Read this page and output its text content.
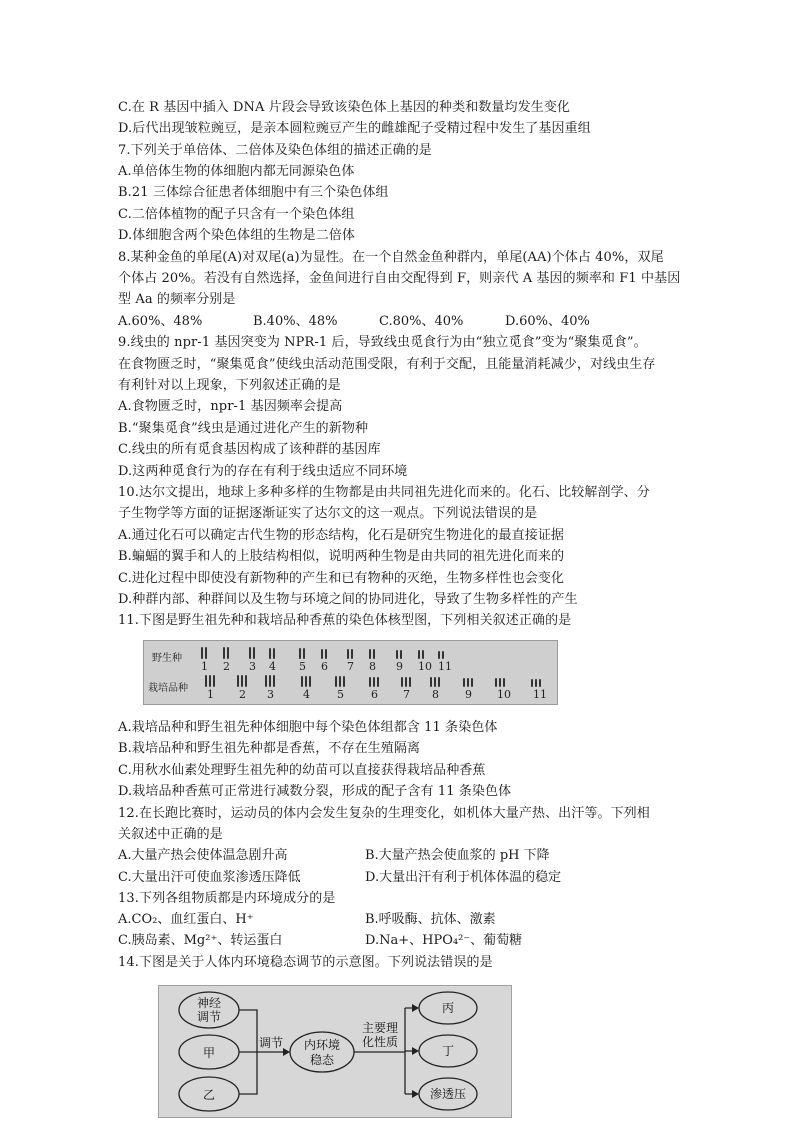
C.在 R 基因中插入 DNA 片段会导致该染色体上基因的种类和数量均发生变化
D.后代出现皱粒豌豆，是亲本圆粒豌豆产生的雌雄配子受精过程中发生了基因重组
7.下列关于单倍体、二倍体及染色体组的描述正确的是
A.单倍体生物的体细胞内都无同源染色体
B.21 三体综合征患者体细胞中有三个染色体组
C.二倍体植物的配子只含有一个染色体组
D.体细胞含两个染色体组的生物是二倍体
8.某种金鱼的单尾(A)对双尾(a)为显性。在一个自然金鱼种群内，单尾(AA)个体占 40%，双尾
个体占 20%。若没有自然选择，金鱼间进行自由交配得到 F，则亲代 A 基因的频率和 F1 中基因
型 Aa 的频率分别是
A.60%、48%	B.40%、48%	C.80%、40%	D.60%、40%
9.线虫的 npr-1 基因突变为 NPR-1 后，导致线虫觅食行为由“独立觅食”变为“聚集觅食”。
在食物匮乏时，“聚集觅食”使线虫活动范围受限，有利于交配，且能量消耗减少，对线虫生存
有利针对以上现象，下列叙述正确的是
A.食物匮乏时，npr-1 基因频率会提高
B.“聚集觅食”线虫是通过进化产生的新物种
C.线虫的所有觅食基因构成了该种群的基因库
D.这两种觅食行为的存在有利于线虫适应不同环境
10.达尔文提出，地球上多种多样的生物都是由共同祖先进化而来的。化石、比较解剖学、分
子生物学等方面的证据逐渐证实了达尔文的这一观点。下列说法错误的是
A.通过化石可以确定古代生物的形态结构，化石是研究生物进化的最直接证据
B.蝙蝠的翼手和人的上肢结构相似，说明两种生物是由共同的祖先进化而来的
C.进化过程中即使没有新物种的产生和已有物种的灭绝，生物多样性也会变化
D.种群内部、种群间以及生物与环境之间的协同进化，导致了生物多样性的产生
11.下图是野生祖先种和栽培品种香蕉的染色体核型图，下列相关叙述正确的是
野生种
栽培品种
1 2 3 4 5 6 7 8 9 10 11
1 2 3	4 5 6 7 8 9 10 11
A.栽培品种和野生祖先种体细胞中每个染色体组都含 11 条染色体
B.栽培品种和野生祖先种都是香蕉，不存在生殖隔离
C.用秋水仙素处理野生祖先种的幼苗可以直接获得栽培品种香蕉
D.栽培品种香蕉可正常进行减数分裂，形成的配子含有 11 条染色体
12.在长跑比赛时，运动员的体内会发生复杂的生理变化，如机体大量产热、出汗等。下列相
关叙述中正确的是
A.大量产热会使体温急剧升高	B.大量产热会使血浆的 pH 下降
C.大量出汗可使血浆渗透压降低	D.大量出汗有利于机体体温的稳定
13.下列各组物质都是内环境成分的是
A.CO₂、血红蛋白、H⁺	B.呼吸酶、抗体、激素
C.胰岛素、Mg²⁺、转运蛋白	D.Na+、HPO₄²⁻、葡萄糖
14.下图是关于人体内环境稳态调节的示意图。下列说法错误的是
神经
调节
甲
乙
调节 内环境
稳态
主要理
化性质
丙
丁
渗透压
